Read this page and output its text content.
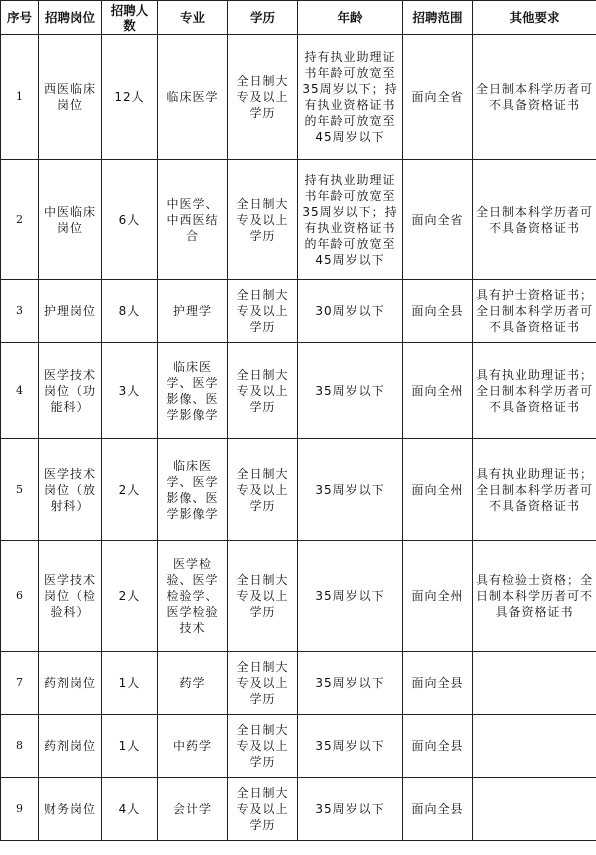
序号	招聘岗位	招聘人数	专业	学历	年龄	招聘范围	其他要求
1	西医临床岗位	12人	临床医学	全日制大专及以上学历	持有执业助理证书年龄可放宽至35周岁以下；持有执业资格证书的年龄可放宽至45周岁以下	面向全省	全日制本科学历者可不具备资格证书
2	中医临床岗位	6人	中医学、中西医结合	全日制大专及以上学历	持有执业助理证书年龄可放宽至35周岁以下；持有执业资格证书的年龄可放宽至45周岁以下	面向全省	全日制本科学历者可不具备资格证书
3	护理岗位	8人	护理学	全日制大专及以上学历	30周岁以下	面向全县	具有护士资格证书；全日制本科学历者可不具备资格证书
4	医学技术岗位（功能科）	3人	临床医学、医学影像、医学影像学	全日制大专及以上学历	35周岁以下	面向全州	具有执业助理证书；全日制本科学历者可不具备资格证书
5	医学技术岗位（放射科）	2人	临床医学、医学影像、医学影像学	全日制大专及以上学历	35周岁以下	面向全州	具有执业助理证书；全日制本科学历者可不具备资格证书
6	医学技术岗位（检验科）	2人	医学检验、医学检验学、医学检验技术	全日制大专及以上学历	35周岁以下	面向全州	具有检验士资格；全日制本科学历者可不具备资格证书
7	药剂岗位	1人	药学	全日制大专及以上学历	35周岁以下	面向全县	
8	药剂岗位	1人	中药学	全日制大专及以上学历	35周岁以下	面向全县	
9	财务岗位	4人	会计学	全日制大专及以上学历	35周岁以下	面向全县	
